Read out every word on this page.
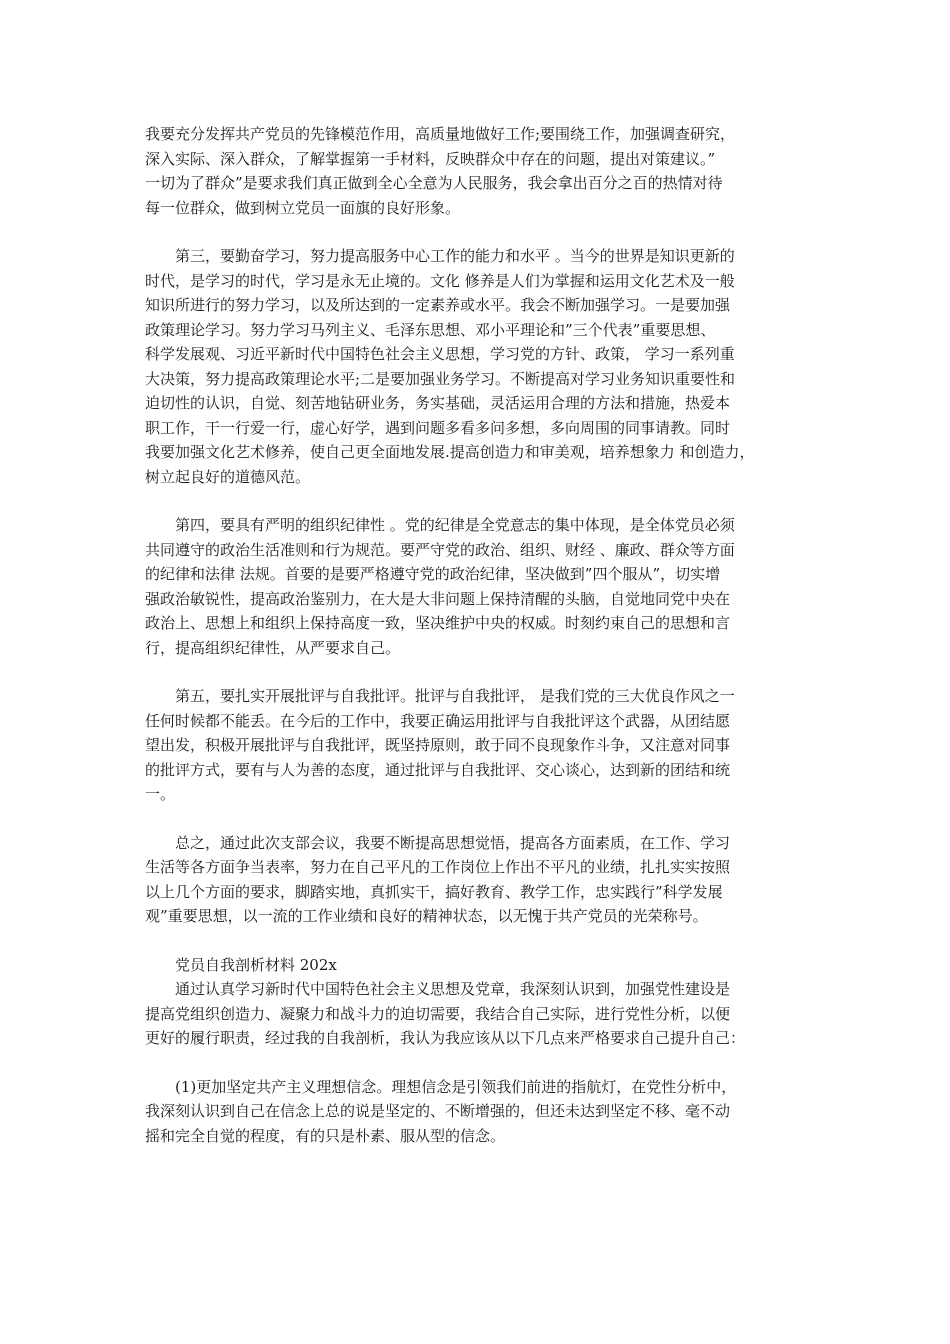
我要充分发挥共产党员的先锋模范作用，高质量地做好工作;要围绕工作，加强调查研究，
深入实际、深入群众，了解掌握第一手材料，反映群众中存在的问题，提出对策建议。”
一切为了群众”是要求我们真正做到全心全意为人民服务，我会拿出百分之百的热情对待
每一位群众，做到树立党员一面旗的良好形象。

　　第三，要勤奋学习，努力提高服务中心工作的能力和水平 。当今的世界是知识更新的
时代，是学习的时代，学习是永无止境的。文化 修养是人们为掌握和运用文化艺术及一般
知识所进行的努力学习，以及所达到的一定素养或水平。我会不断加强学习。一是要加强
政策理论学习。努力学习马列主义、毛泽东思想、邓小平理论和”三个代表”重要思想、
科学发展观、习近平新时代中国特色社会主义思想，学习党的方针、政策， 学习一系列重
大决策，努力提高政策理论水平;二是要加强业务学习。不断提高对学习业务知识重要性和
迫切性的认识，自觉、刻苦地钻研业务，务实基础，灵活运用合理的方法和措施，热爱本
职工作，干一行爱一行，虚心好学，遇到问题多看多问多想，多向周围的同事请教。同时
我要加强文化艺术修养，使自己更全面地发展.提高创造力和审美观，培养想象力 和创造力，
树立起良好的道德风范。

　　第四，要具有严明的组织纪律性 。党的纪律是全党意志的集中体现，是全体党员必须
共同遵守的政治生活准则和行为规范。要严守党的政治、组织、财经 、廉政、群众等方面
的纪律和法律 法规。首要的是要严格遵守党的政治纪律，坚决做到”四个服从”，切实增
强政治敏锐性，提高政治鉴别力，在大是大非问题上保持清醒的头脑，自觉地同党中央在
政治上、思想上和组织上保持高度一致，坚决维护中央的权威。时刻约束自己的思想和言
行，提高组织纪律性，从严要求自己。

　　第五，要扎实开展批评与自我批评。批评与自我批评， 是我们党的三大优良作风之一
任何时候都不能丢。在今后的工作中，我要正确运用批评与自我批评这个武器，从团结愿
望出发，积极开展批评与自我批评，既坚持原则，敢于同不良现象作斗争，又注意对同事
的批评方式，要有与人为善的态度，通过批评与自我批评、交心谈心，达到新的团结和统
一。

　　总之，通过此次支部会议，我要不断提高思想觉悟，提高各方面素质，在工作、学习
生活等各方面争当表率，努力在自己平凡的工作岗位上作出不平凡的业绩，扎扎实实按照
以上几个方面的要求，脚踏实地，真抓实干，搞好教育、教学工作，忠实践行”科学发展
观”重要思想，以一流的工作业绩和良好的精神状态，以无愧于共产党员的光荣称号。

党员自我剖析材料 202x

　　通过认真学习新时代中国特色社会主义思想及党章，我深刻认识到，加强党性建设是
提高党组织创造力、凝聚力和战斗力的迫切需要，我结合自己实际，进行党性分析，以便
更好的履行职责，经过我的自我剖析，我认为我应该从以下几点来严格要求自己提升自己：

　　(1)更加坚定共产主义理想信念。理想信念是引领我们前进的指航灯，在党性分析中，
我深刻认识到自己在信念上总的说是坚定的、不断增强的，但还未达到坚定不移、毫不动
摇和完全自觉的程度，有的只是朴素、服从型的信念。
